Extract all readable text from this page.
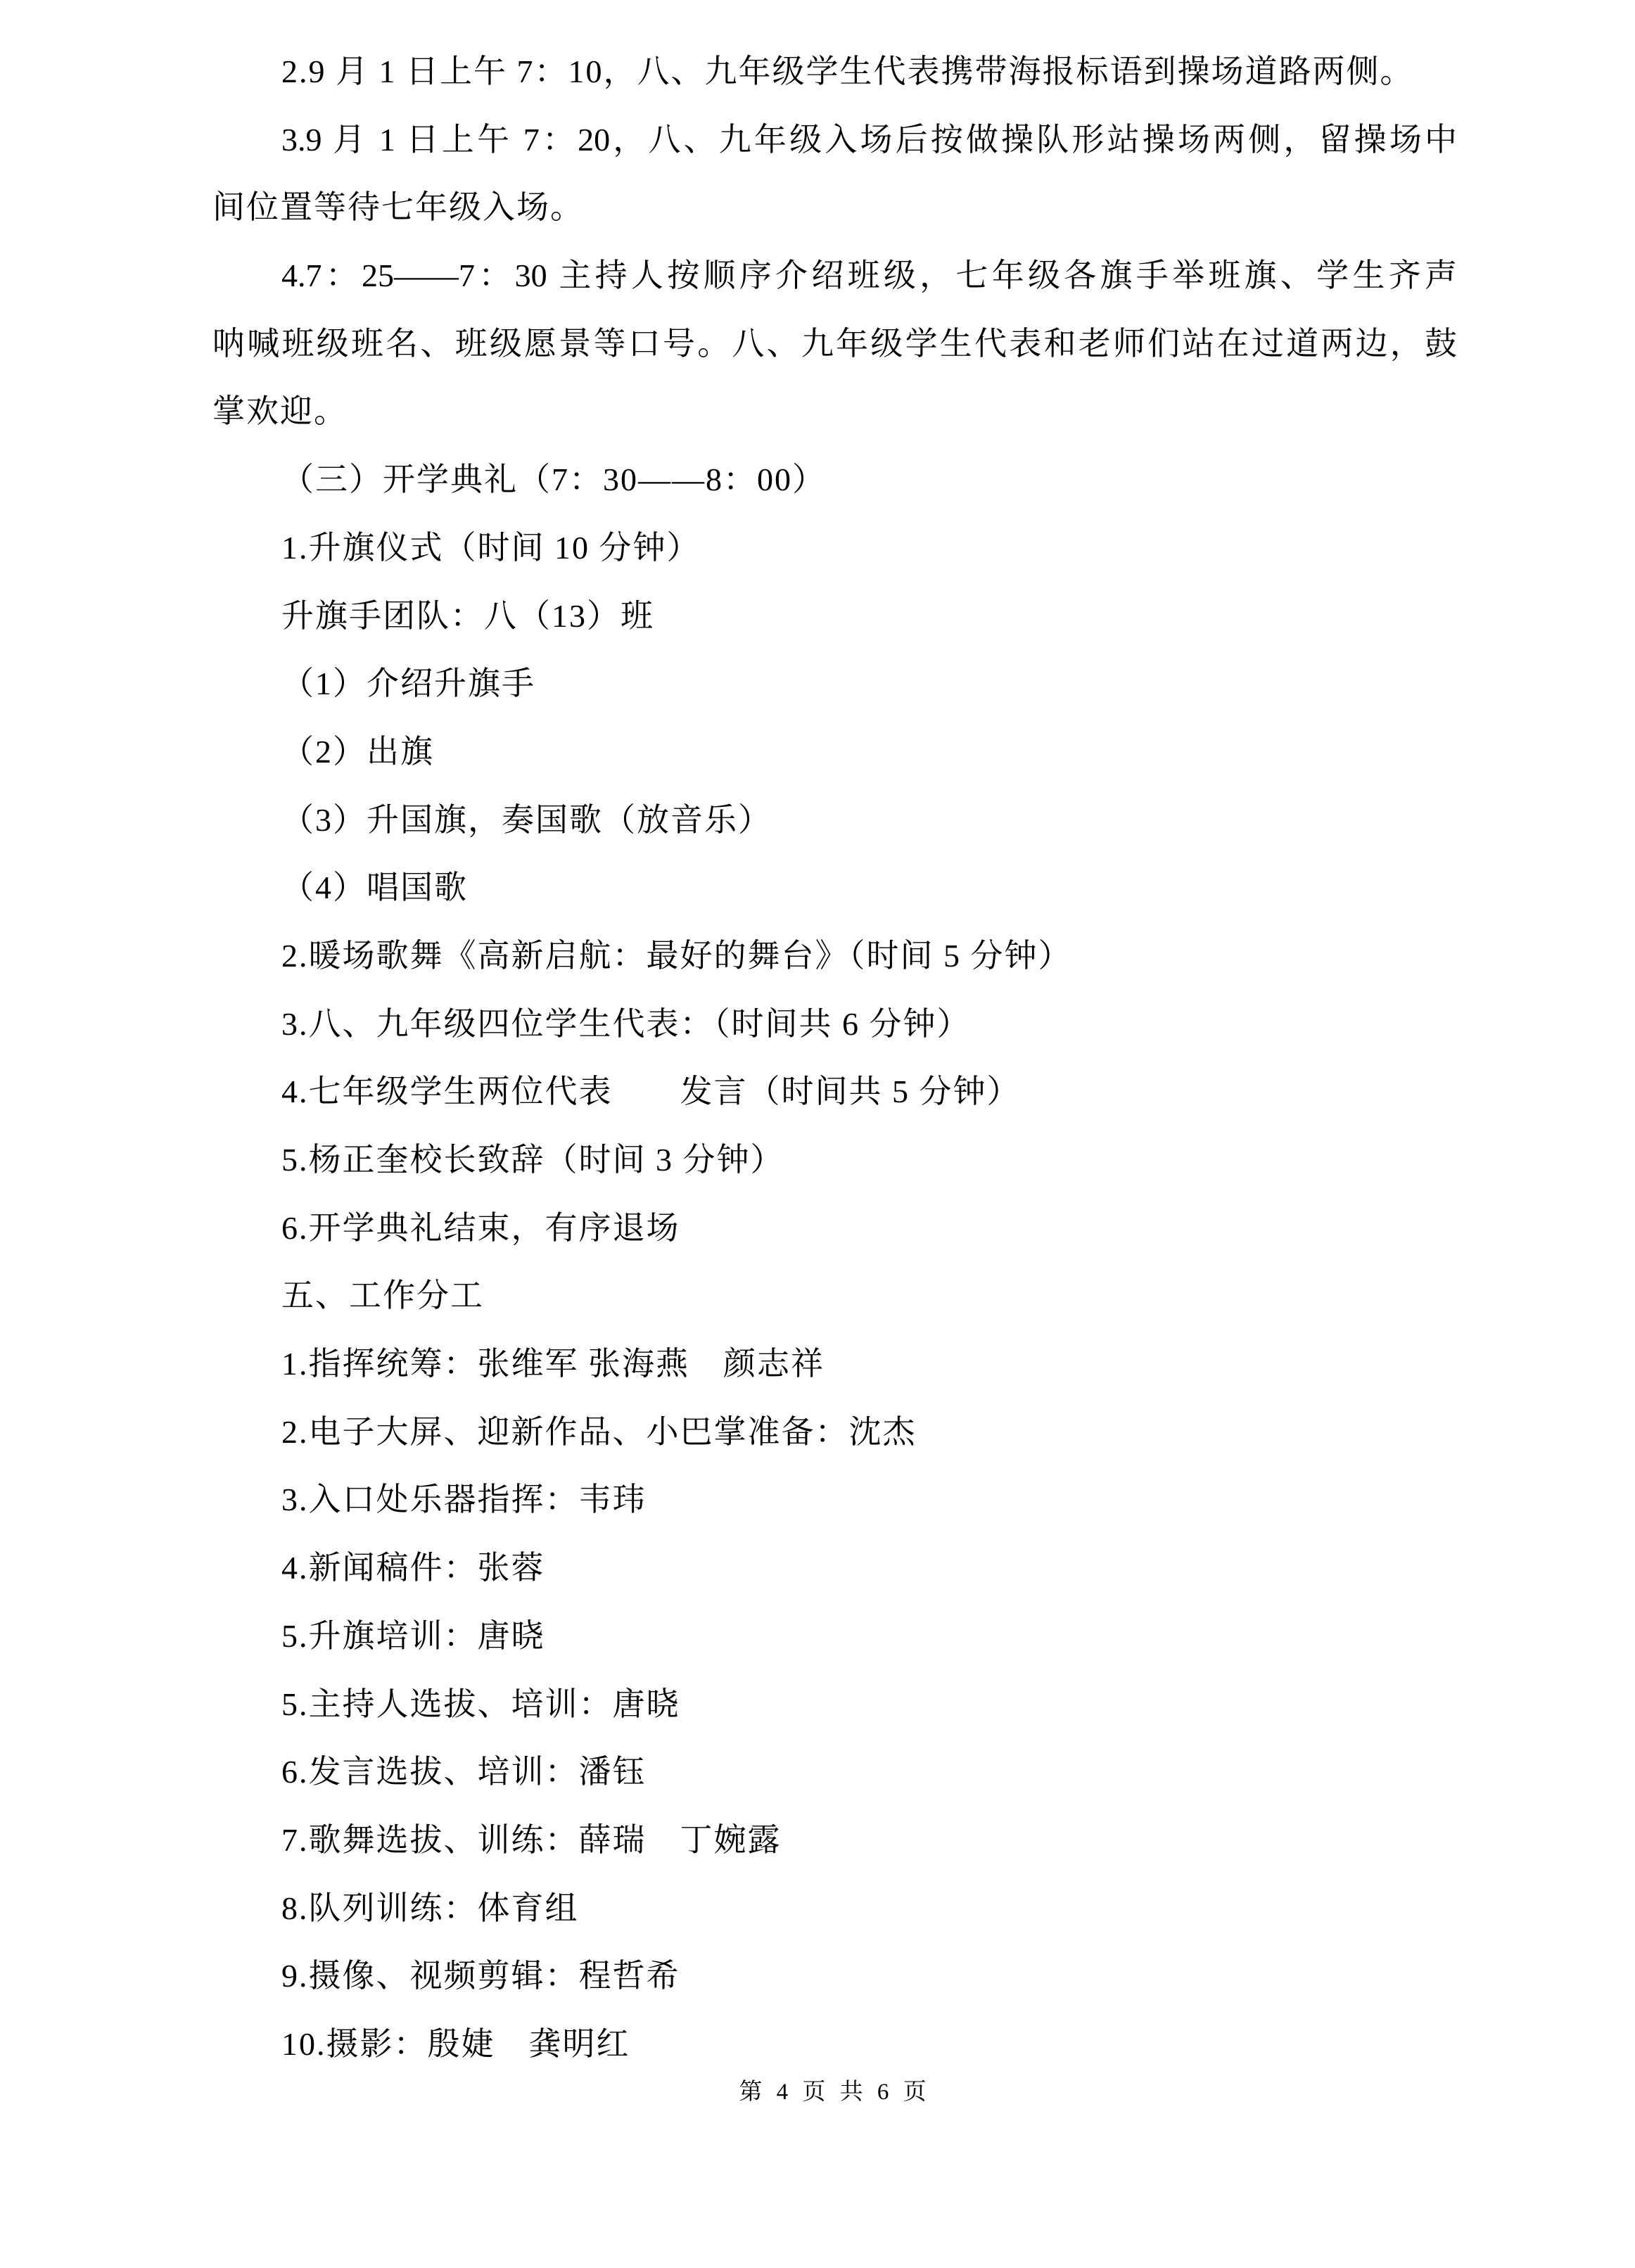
2.9 月 1 日上午 7：10，八、九年级学生代表携带海报标语到操场道路两侧。
3.9 月 1 日上午 7：20，八、九年级入场后按做操队形站操场两侧，留操场中
间位置等待七年级入场。
4.7：25——7：30 主持人按顺序介绍班级，七年级各旗手举班旗、学生齐声
呐喊班级班名、班级愿景等口号。八、九年级学生代表和老师们站在过道两边，鼓
掌欢迎。
（三）开学典礼（7：30——8：00）
1.升旗仪式（时间 10 分钟）
升旗手团队：八（13）班
（1）介绍升旗手
（2）出旗
（3）升国旗，奏国歌（放音乐）
（4）唱国歌
2.暖场歌舞《高新启航：最好的舞台》（时间 5 分钟）
3.八、九年级四位学生代表：（时间共 6 分钟）
4.七年级学生两位代表　　发言（时间共 5 分钟）
5.杨正奎校长致辞（时间 3 分钟）
6.开学典礼结束，有序退场
五、工作分工
1.指挥统筹：张维军 张海燕　颜志祥
2.电子大屏、迎新作品、小巴掌准备：沈杰
3.入口处乐器指挥：韦玮
4.新闻稿件：张蓉
5.升旗培训：唐晓
5.主持人选拔、培训：唐晓
6.发言选拔、培训：潘钰
7.歌舞选拔、训练：薛瑞　丁婉露
8.队列训练：体育组
9.摄像、视频剪辑：程哲希
10.摄影：殷婕　龚明红
第 4 页 共 6 页
